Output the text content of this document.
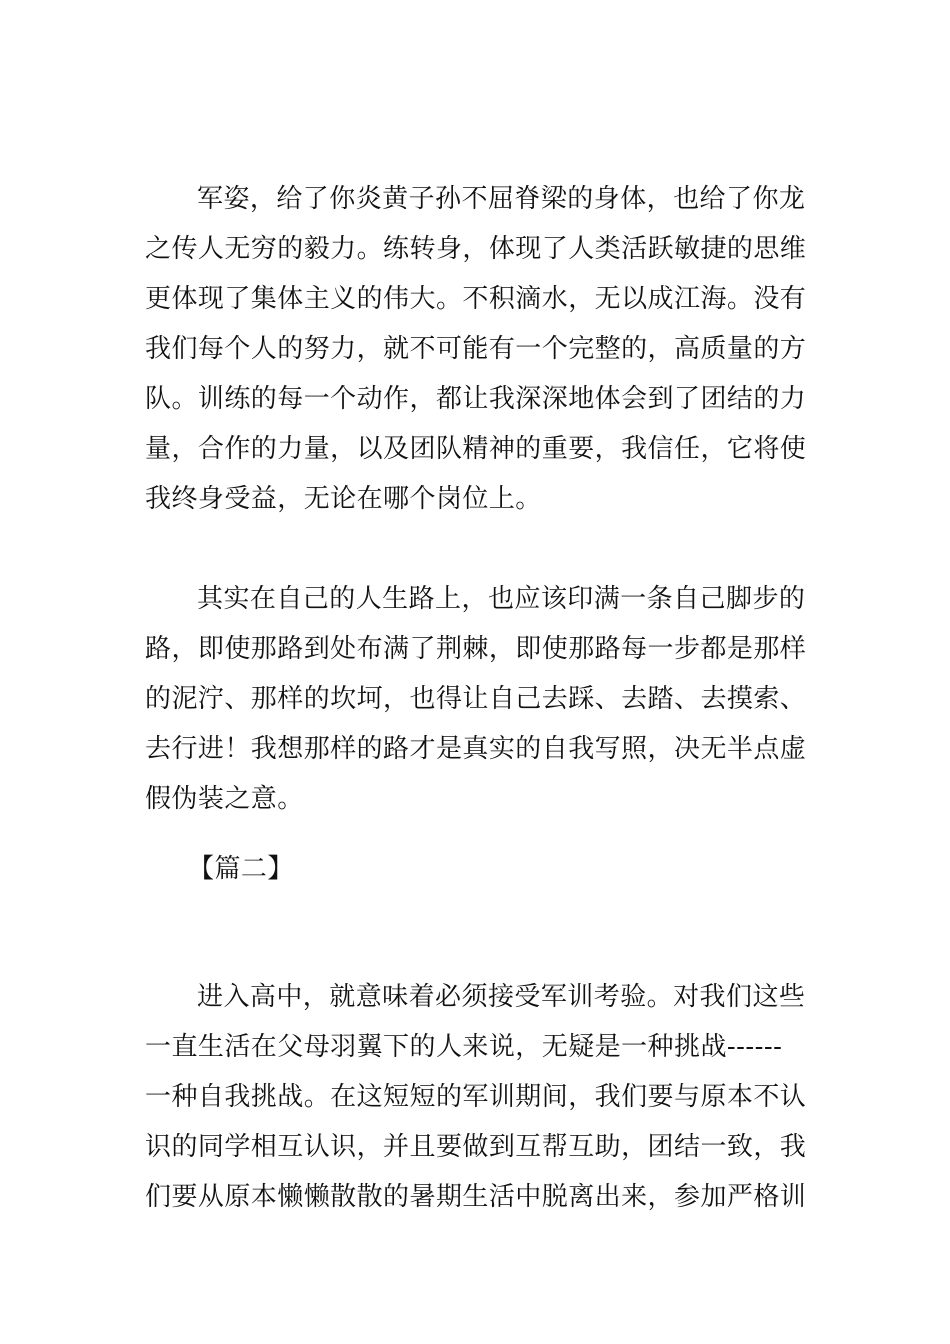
军姿，给了你炎黄子孙不屈脊梁的身体，也给了你龙
之传人无穷的毅力。练转身，体现了人类活跃敏捷的思维
更体现了集体主义的伟大。不积滴水，无以成江海。没有
我们每个人的努力，就不可能有一个完整的，高质量的方
队。训练的每一个动作，都让我深深地体会到了团结的力
量，合作的力量，以及团队精神的重要，我信任，它将使
我终身受益，无论在哪个岗位上。
其实在自己的人生路上，也应该印满一条自己脚步的
路，即使那路到处布满了荆棘，即使那路每一步都是那样
的泥泞、那样的坎坷，也得让自己去踩、去踏、去摸索、
去行进！我想那样的路才是真实的自我写照，决无半点虚
假伪装之意。
【篇二】
进入高中，就意味着必须接受军训考验。对我们这些
一直生活在父母羽翼下的人来说，无疑是一种挑战------
一种自我挑战。在这短短的军训期间，我们要与原本不认
识的同学相互认识，并且要做到互帮互助，团结一致，我
们要从原本懒懒散散的暑期生活中脱离出来，参加严格训
